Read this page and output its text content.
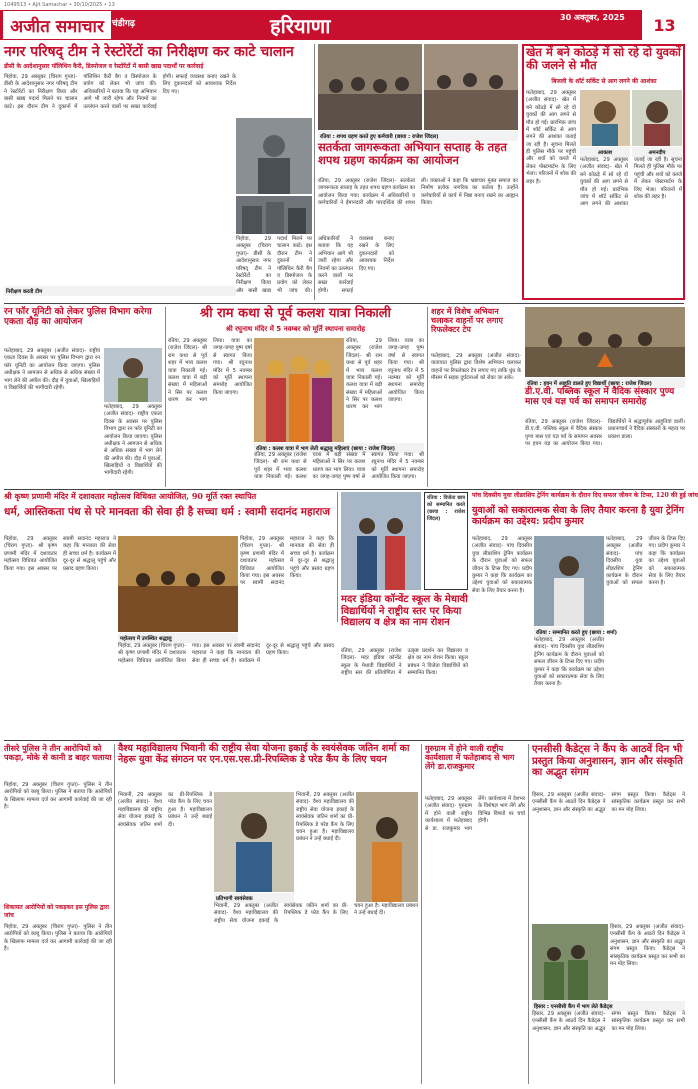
1049513 • Ajit Samachar • 30/10/2025 • 13
अजीत समाचार चंडीगढ़	हरियाणा	30 अक्तूबर, 2025	13
नगर परिषद् टीम ने रेस्टोरेंटों का निरीक्षण कर काटे चालान
डीसी के आदेशानुसार पॉलिथिन कैरी, डिस्पोजल व रेस्टोरेंटों में बासी खाद्य पदार्थों पर कार्रवाई
पिहोवा, 29 अक्तूबर (चिराग गुप्ता)- डीसी के आदेशानुसार नगर परिषद् टीम ने रेस्टोरेंटों का निरीक्षण किया और बासी खाद्य पदार्थ मिलने पर चालान काटे। इस दौरान टीम ने दुकानों में पॉलिथिन कैरी बैग व डिस्पोजल के प्रयोग को लेकर भी जांच की। अधिकारियों ने बताया कि यह अभियान आगे भी जारी रहेगा और नियमों का उल्लंघन करने वालों पर सख्त कार्रवाई होगी। सफाई व्यवस्था बनाए रखने के लिए दुकानदारों को आवश्यक निर्देश दिए गए।
निरीक्षण करती टीम
पिहोवा, 29 अक्तूबर (चिराग गुप्ता)- डीसी के आदेशानुसार नगर परिषद् टीम ने रेस्टोरेंटों का निरीक्षण किया और बासी खाद्य पदार्थ मिलने पर चालान काटे। इस दौरान टीम ने दुकानों में पॉलिथिन कैरी बैग व डिस्पोजल के प्रयोग को लेकर भी जांच की। अधिकारियों ने बताया कि यह अभियान आगे भी जारी रहेगा और नियमों का उल्लंघन करने वालों पर सख्त कार्रवाई होगी। सफाई व्यवस्था बनाए रखने के लिए दुकानदारों को आवश्यक निर्देश दिए गए।
रतिया : शपथ ग्रहण करते हुए कर्मचारी (छाया : राजेश जिंदल)
सतर्कता जागरूकता अभियान सप्ताह के तहत शपथ ग्रहण कार्यक्रम का आयोजन
रतिया, 29 अक्तूबर (राजेश जिंदल)- सतर्कता जागरूकता सप्ताह के तहत शपथ ग्रहण कार्यक्रम का आयोजन किया गया। कार्यक्रम में अधिकारियों व कर्मचारियों ने ईमानदारी और पारदर्शिता की शपथ ली। वक्ताओं ने कहा कि भ्रष्टाचार मुक्त समाज का निर्माण प्रत्येक नागरिक का कर्तव्य है। उन्होंने कर्मचारियों से कार्य में निष्ठा बनाए रखने का आह्वान किया।
खेत में बने कोठड़े में सो रहे दो युवकों की जलने से मौत
बिजली के शॉर्ट सर्किट से आग लगने की आशंका
फतेहाबाद, 29 अक्तूबर (अजीत संवाद)- खेत में बने कोठड़े में सो रहे दो युवकों की आग लगने से मौत हो गई। प्रारंभिक जांच में शॉर्ट सर्किट से आग लगने की आशंका जताई जा रही है। सूचना मिलते ही पुलिस मौके पर पहुंची और शवों को कब्जे में लेकर पोस्टमार्टम के लिए भेजा। परिजनों में शोक की लहर है।
आकाश	अमनदीप
फतेहाबाद, 29 अक्तूबर (अजीत संवाद)- खेत में बने कोठड़े में सो रहे दो युवकों की आग लगने से मौत हो गई। प्रारंभिक जांच में शॉर्ट सर्किट से आग लगने की आशंका जताई जा रही है। सूचना मिलते ही पुलिस मौके पर पहुंची और शवों को कब्जे में लेकर पोस्टमार्टम के लिए भेजा। परिजनों में शोक की लहर है।
रन फॉर यूनिटी को लेकर पुलिस विभाग करेगा एकता दौड़ का आयोजन
फतेहाबाद, 29 अक्तूबर (अजीत संवाद)- राष्ट्रीय एकता दिवस के अवसर पर पुलिस विभाग द्वारा रन फॉर यूनिटी का आयोजन किया जाएगा। पुलिस अधीक्षक ने आमजन से अधिक से अधिक संख्या में भाग लेने की अपील की। दौड़ में युवाओं, खिलाड़ियों व विद्यार्थियों की भागीदारी रहेगी।
फतेहाबाद, 29 अक्तूबर (अजीत संवाद)- राष्ट्रीय एकता दिवस के अवसर पर पुलिस विभाग द्वारा रन फॉर यूनिटी का आयोजन किया जाएगा। पुलिस अधीक्षक ने आमजन से अधिक से अधिक संख्या में भाग लेने की अपील की। दौड़ में युवाओं, खिलाड़ियों व विद्यार्थियों की भागीदारी रहेगी।
श्री राम कथा से पूर्व कलश यात्रा निकाली
श्री रघुनाथ मंदिर में 5 नवम्बर को मूर्ति स्थापना समारोह
रतिया, 29 अक्तूबर (राजेश जिंदल)- श्री राम कथा से पूर्व शहर में भव्य कलश यात्रा निकाली गई। कलश यात्रा में बड़ी संख्या में महिलाओं ने सिर पर कलश धारण कर भाग लिया। यात्रा का जगह-जगह पुष्प वर्षा से स्वागत किया गया। श्री रघुनाथ मंदिर में 5 नवम्बर को मूर्ति स्थापना समारोह आयोजित किया जाएगा।
रतिया : कलश यात्रा में भाग लेती श्रद्धालु महिलाएं (छाया : राजेश जिंदल)
रतिया, 29 अक्तूबर (राजेश जिंदल)- श्री राम कथा से पूर्व शहर में भव्य कलश यात्रा निकाली गई। कलश यात्रा में बड़ी संख्या में महिलाओं ने सिर पर कलश धारण कर भाग लिया। यात्रा का जगह-जगह पुष्प वर्षा से स्वागत किया गया। श्री रघुनाथ मंदिर में 5 नवम्बर को मूर्ति स्थापना समारोह आयोजित किया जाएगा।
रतिया, 29 अक्तूबर (राजेश जिंदल)- श्री राम कथा से पूर्व शहर में भव्य कलश यात्रा निकाली गई। कलश यात्रा में बड़ी संख्या में महिलाओं ने सिर पर कलश धारण कर भाग लिया। यात्रा का जगह-जगह पुष्प वर्षा से स्वागत किया गया। श्री रघुनाथ मंदिर में 5 नवम्बर को मूर्ति स्थापना समारोह आयोजित किया जाएगा।
शहर में विशेष अभियान चलाकर वाहनों पर लगाए रिफलेक्टर टेप
फतेहाबाद, 29 अक्तूबर (अजीत संवाद)- यातायात पुलिस द्वारा विशेष अभियान चलाकर वाहनों पर रिफलेक्टर टेप लगाए गए ताकि धुंध के मौसम में सड़क दुर्घटनाओं को रोका जा सके।
रतिया : हवन में आहुति डालते हुए विद्यार्थी (छाया : राजेश जिंदल)
डी.ए.वी. पब्लिक स्कूल में वैदिक संस्कार पुण्य मास एवं यज्ञ पर्व का समापन समारोह
रतिया, 29 अक्तूबर (राजेश जिंदल)- डी.ए.वी. पब्लिक स्कूल में वैदिक संस्कार पुण्य मास एवं यज्ञ पर्व के समापन अवसर पर हवन यज्ञ का आयोजन किया गया। विद्यार्थियों ने श्रद्धापूर्वक आहुतियां डालीं। प्रधानाचार्य ने वैदिक संस्कारों के महत्व पर प्रकाश डाला।
श्री कृष्ण प्रणामी मंदिर में दशावतार महोत्सव विधिवत आयोजित, 90 मूर्ति रक्त स्थापित
धर्म, आस्तिकता पंथ से परे मानवता की सेवा ही है सच्चा धर्म : स्वामी सदानंद महाराज
पिहोवा, 29 अक्तूबर (चिराग गुप्ता)- श्री कृष्ण प्रणामी मंदिर में दशावतार महोत्सव विधिवत आयोजित किया गया। इस अवसर पर स्वामी सदानंद महाराज ने कहा कि मानवता की सेवा ही सच्चा धर्म है। कार्यक्रम में दूर-दूर से श्रद्धालु पहुंचे और प्रसाद ग्रहण किया।
महोत्सव में उपस्थित श्रद्धालु
पिहोवा, 29 अक्तूबर (चिराग गुप्ता)- श्री कृष्ण प्रणामी मंदिर में दशावतार महोत्सव विधिवत आयोजित किया गया। इस अवसर पर स्वामी सदानंद महाराज ने कहा कि मानवता की सेवा ही सच्चा धर्म है। कार्यक्रम में दूर-दूर से श्रद्धालु पहुंचे और प्रसाद ग्रहण किया।
पिहोवा, 29 अक्तूबर (चिराग गुप्ता)- श्री कृष्ण प्रणामी मंदिर में दशावतार महोत्सव विधिवत आयोजित किया गया। इस अवसर पर स्वामी सदानंद महाराज ने कहा कि मानवता की सेवा ही सच्चा धर्म है। कार्यक्रम में दूर-दूर से श्रद्धालु पहुंचे और प्रसाद ग्रहण किया।
रतिया : विजेता छात्र को सम्मानित करते (छाया : राजेश जिंदल)
पांच दिवसीय युवा लीडरशिप ट्रेनिंग कार्यक्रम के दौरान दिए सफल जीवन के टिप्स, 120 की हुई जांच
मदर इंडिया कॉन्वेंट स्कूल के मेधावी विद्यार्थियों ने राष्ट्रीय स्तर पर किया विद्यालय व क्षेत्र का नाम रोशन
रतिया, 29 अक्तूबर (राजेश जिंदल)- मदर इंडिया कॉन्वेंट स्कूल के मेधावी विद्यार्थियों ने राष्ट्रीय स्तर की प्रतियोगिता में उत्कृष्ट प्रदर्शन कर विद्यालय व क्षेत्र का नाम रोशन किया। स्कूल प्रबंधन ने विजेता विद्यार्थियों को सम्मानित किया।
युवाओं को सकारात्मक सेवा के लिए तैयार करना है युवा ट्रेनिंग कार्यक्रम का उद्देश्य: प्रदीप कुमार
फतेहाबाद, 29 अक्तूबर (अजीत संवाद)- पांच दिवसीय युवा लीडरशिप ट्रेनिंग कार्यक्रम के दौरान युवाओं को सफल जीवन के टिप्स दिए गए। प्रदीप कुमार ने कहा कि कार्यक्रम का उद्देश्य युवाओं को सकारात्मक सेवा के लिए तैयार करना है।
रतिया : सम्मानित करते हुए (छाया : शर्मा)
फतेहाबाद, 29 अक्तूबर (अजीत संवाद)- पांच दिवसीय युवा लीडरशिप ट्रेनिंग कार्यक्रम के दौरान युवाओं को सफल जीवन के टिप्स दिए गए। प्रदीप कुमार ने कहा कि कार्यक्रम का उद्देश्य युवाओं को सकारात्मक सेवा के लिए तैयार करना है।
फतेहाबाद, 29 अक्तूबर (अजीत संवाद)- पांच दिवसीय युवा लीडरशिप ट्रेनिंग कार्यक्रम के दौरान युवाओं को सफल जीवन के टिप्स दिए गए। प्रदीप कुमार ने कहा कि कार्यक्रम का उद्देश्य युवाओं को सकारात्मक सेवा के लिए तैयार करना है।
तीसरे पुलिस ने तीन आरोपियों को पकड़ा, मोके से कानी ड बाहर चलाया
पिहोवा, 29 अक्तूबर (चिराग गुप्ता)- पुलिस ने तीन आरोपियों को काबू किया। पुलिस ने बताया कि आरोपियों के खिलाफ मामला दर्ज कर आगामी कार्रवाई की जा रही है।
शिकायत आरोपियों को पकड़कर इस पुलिस द्वारा जांच
पिहोवा, 29 अक्तूबर (चिराग गुप्ता)- पुलिस ने तीन आरोपियों को काबू किया। पुलिस ने बताया कि आरोपियों के खिलाफ मामला दर्ज कर आगामी कार्रवाई की जा रही है।
वैश्य महाविद्यालय भिवानी की राष्ट्रीय सेवा योजना इकाई के स्वयंसेवक जतिन शर्मा का नेहरू युवा केंद्र संगठन पर एन.एस.एस.प्री-रिपब्लिक डे परेड कैंप के लिए चयन
भिवानी, 29 अक्तूबर (अजीत संवाद)- वैश्य महाविद्यालय की राष्ट्रीय सेवा योजना इकाई के स्वयंसेवक जतिन शर्मा का प्री-रिपब्लिक डे परेड कैंप के लिए चयन हुआ है। महाविद्यालय प्रबंधन ने उन्हें बधाई दी।
प्रतिभागी स्वयंसेवक
भिवानी, 29 अक्तूबर (अजीत संवाद)- वैश्य महाविद्यालय की राष्ट्रीय सेवा योजना इकाई के स्वयंसेवक जतिन शर्मा का प्री-रिपब्लिक डे परेड कैंप के लिए चयन हुआ है। महाविद्यालय प्रबंधन ने उन्हें बधाई दी।
भिवानी, 29 अक्तूबर (अजीत संवाद)- वैश्य महाविद्यालय की राष्ट्रीय सेवा योजना इकाई के स्वयंसेवक जतिन शर्मा का प्री-रिपब्लिक डे परेड कैंप के लिए चयन हुआ है। महाविद्यालय प्रबंधन ने उन्हें बधाई दी।
गुरुग्राम में होने वाली राष्ट्रीय कार्यशाला में फतेहाबाद से भाग लेंगे डा.राजकुमार
फतेहाबाद, 29 अक्तूबर (अजीत संवाद)- गुरुग्राम में होने वाली राष्ट्रीय कार्यशाला में फतेहाबाद से डा. राजकुमार भाग लेंगे। कार्यशाला में देशभर के विशेषज्ञ भाग लेंगे और विभिन्न विषयों पर चर्चा होगी।
एनसीसी कैडेट्स ने कैंप के आठवें दिन भी प्रस्तुत किया अनुशासन, ज्ञान और संस्कृति का अद्भुत संगम
हिसार, 29 अक्तूबर (अजीत संवाद)- एनसीसी कैंप के आठवें दिन कैडेट्स ने अनुशासन, ज्ञान और संस्कृति का अद्भुत संगम प्रस्तुत किया। कैडेट्स ने सांस्कृतिक कार्यक्रम प्रस्तुत कर सभी का मन मोह लिया।
हिसार : एनसीसी कैंप में भाग लेते कैडेट्स
हिसार, 29 अक्तूबर (अजीत संवाद)- एनसीसी कैंप के आठवें दिन कैडेट्स ने अनुशासन, ज्ञान और संस्कृति का अद्भुत संगम प्रस्तुत किया। कैडेट्स ने सांस्कृतिक कार्यक्रम प्रस्तुत कर सभी का मन मोह लिया।
हिसार, 29 अक्तूबर (अजीत संवाद)- एनसीसी कैंप के आठवें दिन कैडेट्स ने अनुशासन, ज्ञान और संस्कृति का अद्भुत संगम प्रस्तुत किया। कैडेट्स ने सांस्कृतिक कार्यक्रम प्रस्तुत कर सभी का मन मोह लिया।
